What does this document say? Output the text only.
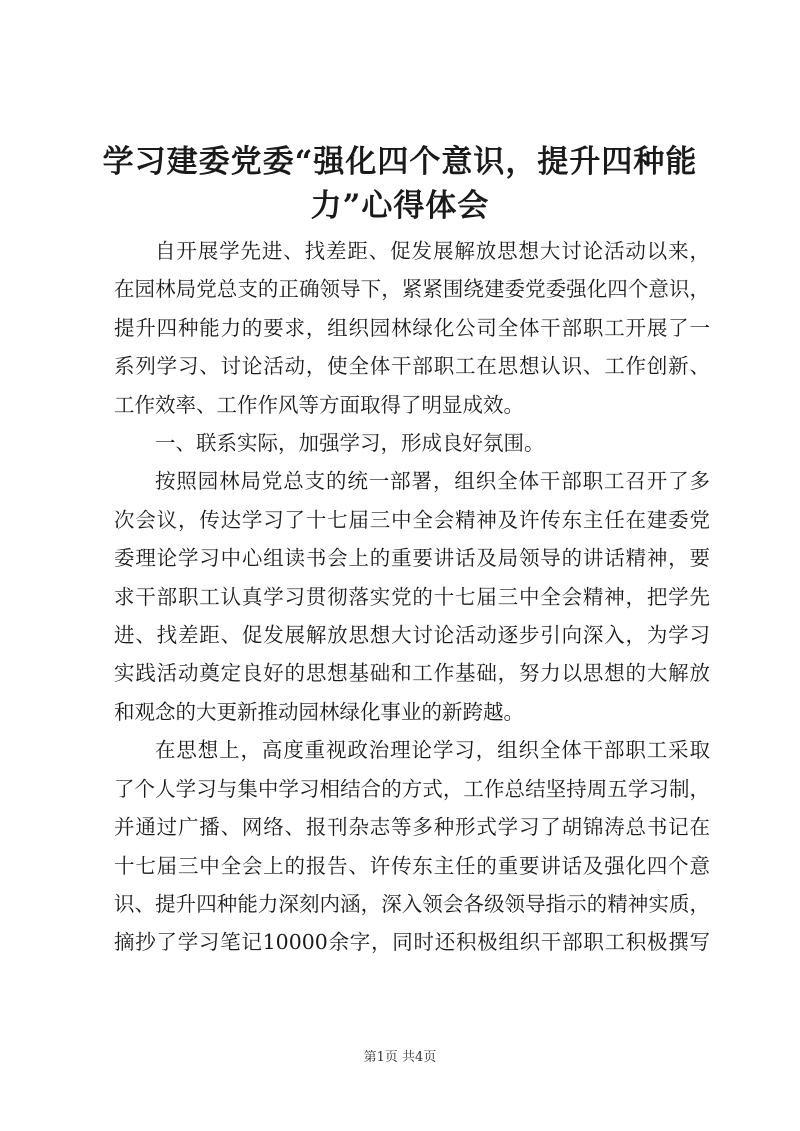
学习建委党委“强化四个意识，提升四种能
力”心得体会

自开展学先进、找差距、促发展解放思想大讨论活动以来，

在园林局党总支的正确领导下，紧紧围绕建委党委强化四个意识，

提升四种能力的要求，组织园林绿化公司全体干部职工开展了一

系列学习、讨论活动，使全体干部职工在思想认识、工作创新、

工作效率、工作作风等方面取得了明显成效。

一、联系实际，加强学习，形成良好氛围。

按照园林局党总支的统一部署，组织全体干部职工召开了多

次会议，传达学习了十七届三中全会精神及许传东主任在建委党

委理论学习中心组读书会上的重要讲话及局领导的讲话精神，要

求干部职工认真学习贯彻落实党的十七届三中全会精神，把学先

进、找差距、促发展解放思想大讨论活动逐步引向深入，为学习

实践活动奠定良好的思想基础和工作基础，努力以思想的大解放

和观念的大更新推动园林绿化事业的新跨越。

在思想上，高度重视政治理论学习，组织全体干部职工采取

了个人学习与集中学习相结合的方式，工作总结坚持周五学习制，

并通过广播、网络、报刊杂志等多种形式学习了胡锦涛总书记在

十七届三中全会上的报告、许传东主任的重要讲话及强化四个意

识、提升四种能力深刻内涵，深入领会各级领导指示的精神实质，

摘抄了学习笔记10000余字，同时还积极组织干部职工积极撰写

第1页 共4页
